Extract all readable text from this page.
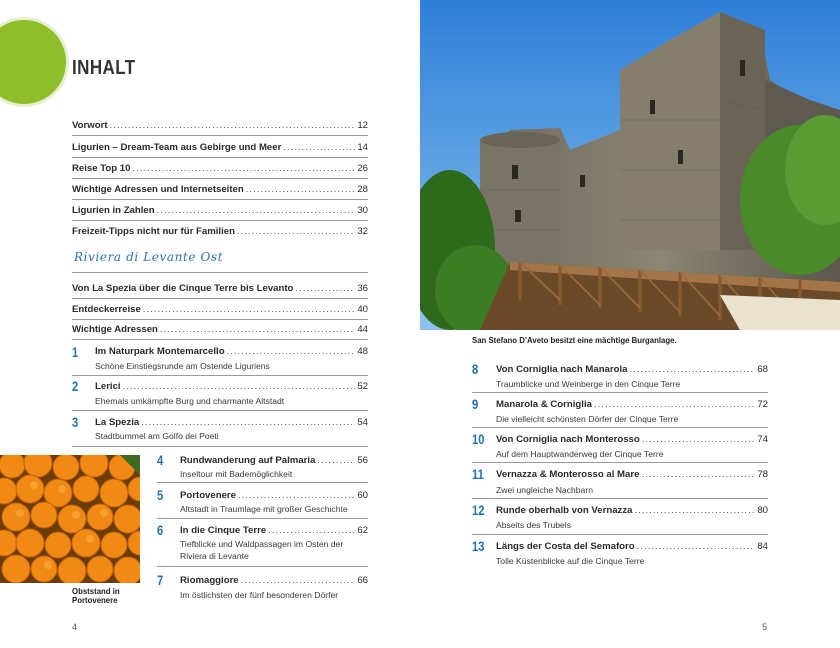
INHALT
Vorwort .....	12
Ligurien – Dream-Team aus Gebirge und Meer .....	14
Reise Top 10 .....	26
Wichtige Adressen und Internetseiten .....	28
Ligurien in Zahlen .....	30
Freizeit-Tipps nicht nur für Familien .....	32
Riviera di Levante Ost
Von La Spezia über die Cinque Terre bis Levanto .....	36
Entdeckerreise .....	40
Wichtige Adressen .....	44
1 Im Naturpark Montemarcello .....	48
Schöne Einstiegsrunde am Ostende Liguriens
2 Lerici .....	52
Ehemals umkämpfte Burg und charmante Altstadt
3 La Spezia .....	54
Stadtbummel am Golfo dei Poeti
Obststand in Portovenere
4 Rundwanderung auf Palmaria .....	56
Inseltour mit Bademöglichkeit
5 Portovenere .....	60
Altstadt in Traumlage mit großer Geschichte
6 In die Cinque Terre .....	62
Tiefblicke und Waldpassagen im Osten der Riviera di Levante
7 Riomaggiore .....	66
Im östlichsten der fünf besonderen Dörfer
4	5
San Stefano D’Aveto besitzt eine mächtige Burganlage.
8 Von Corniglia nach Manarola .....	68
Traumblicke und Weinberge in den Cinque Terre
9 Manarola & Corniglia .....	72
Die vielleicht schönsten Dörfer der Cinque Terre
10 Von Corniglia nach Monterosso .....	74
Auf dem Hauptwanderweg der Cinque Terre
11 Vernazza & Monterosso al Mare .....	78
Zwei ungleiche Nachbarn
12 Runde oberhalb von Vernazza .....	80
Abseits des Trubels
13 Längs der Costa del Semaforo .....	84
Tolle Küstenblicke auf die Cinque Terre
